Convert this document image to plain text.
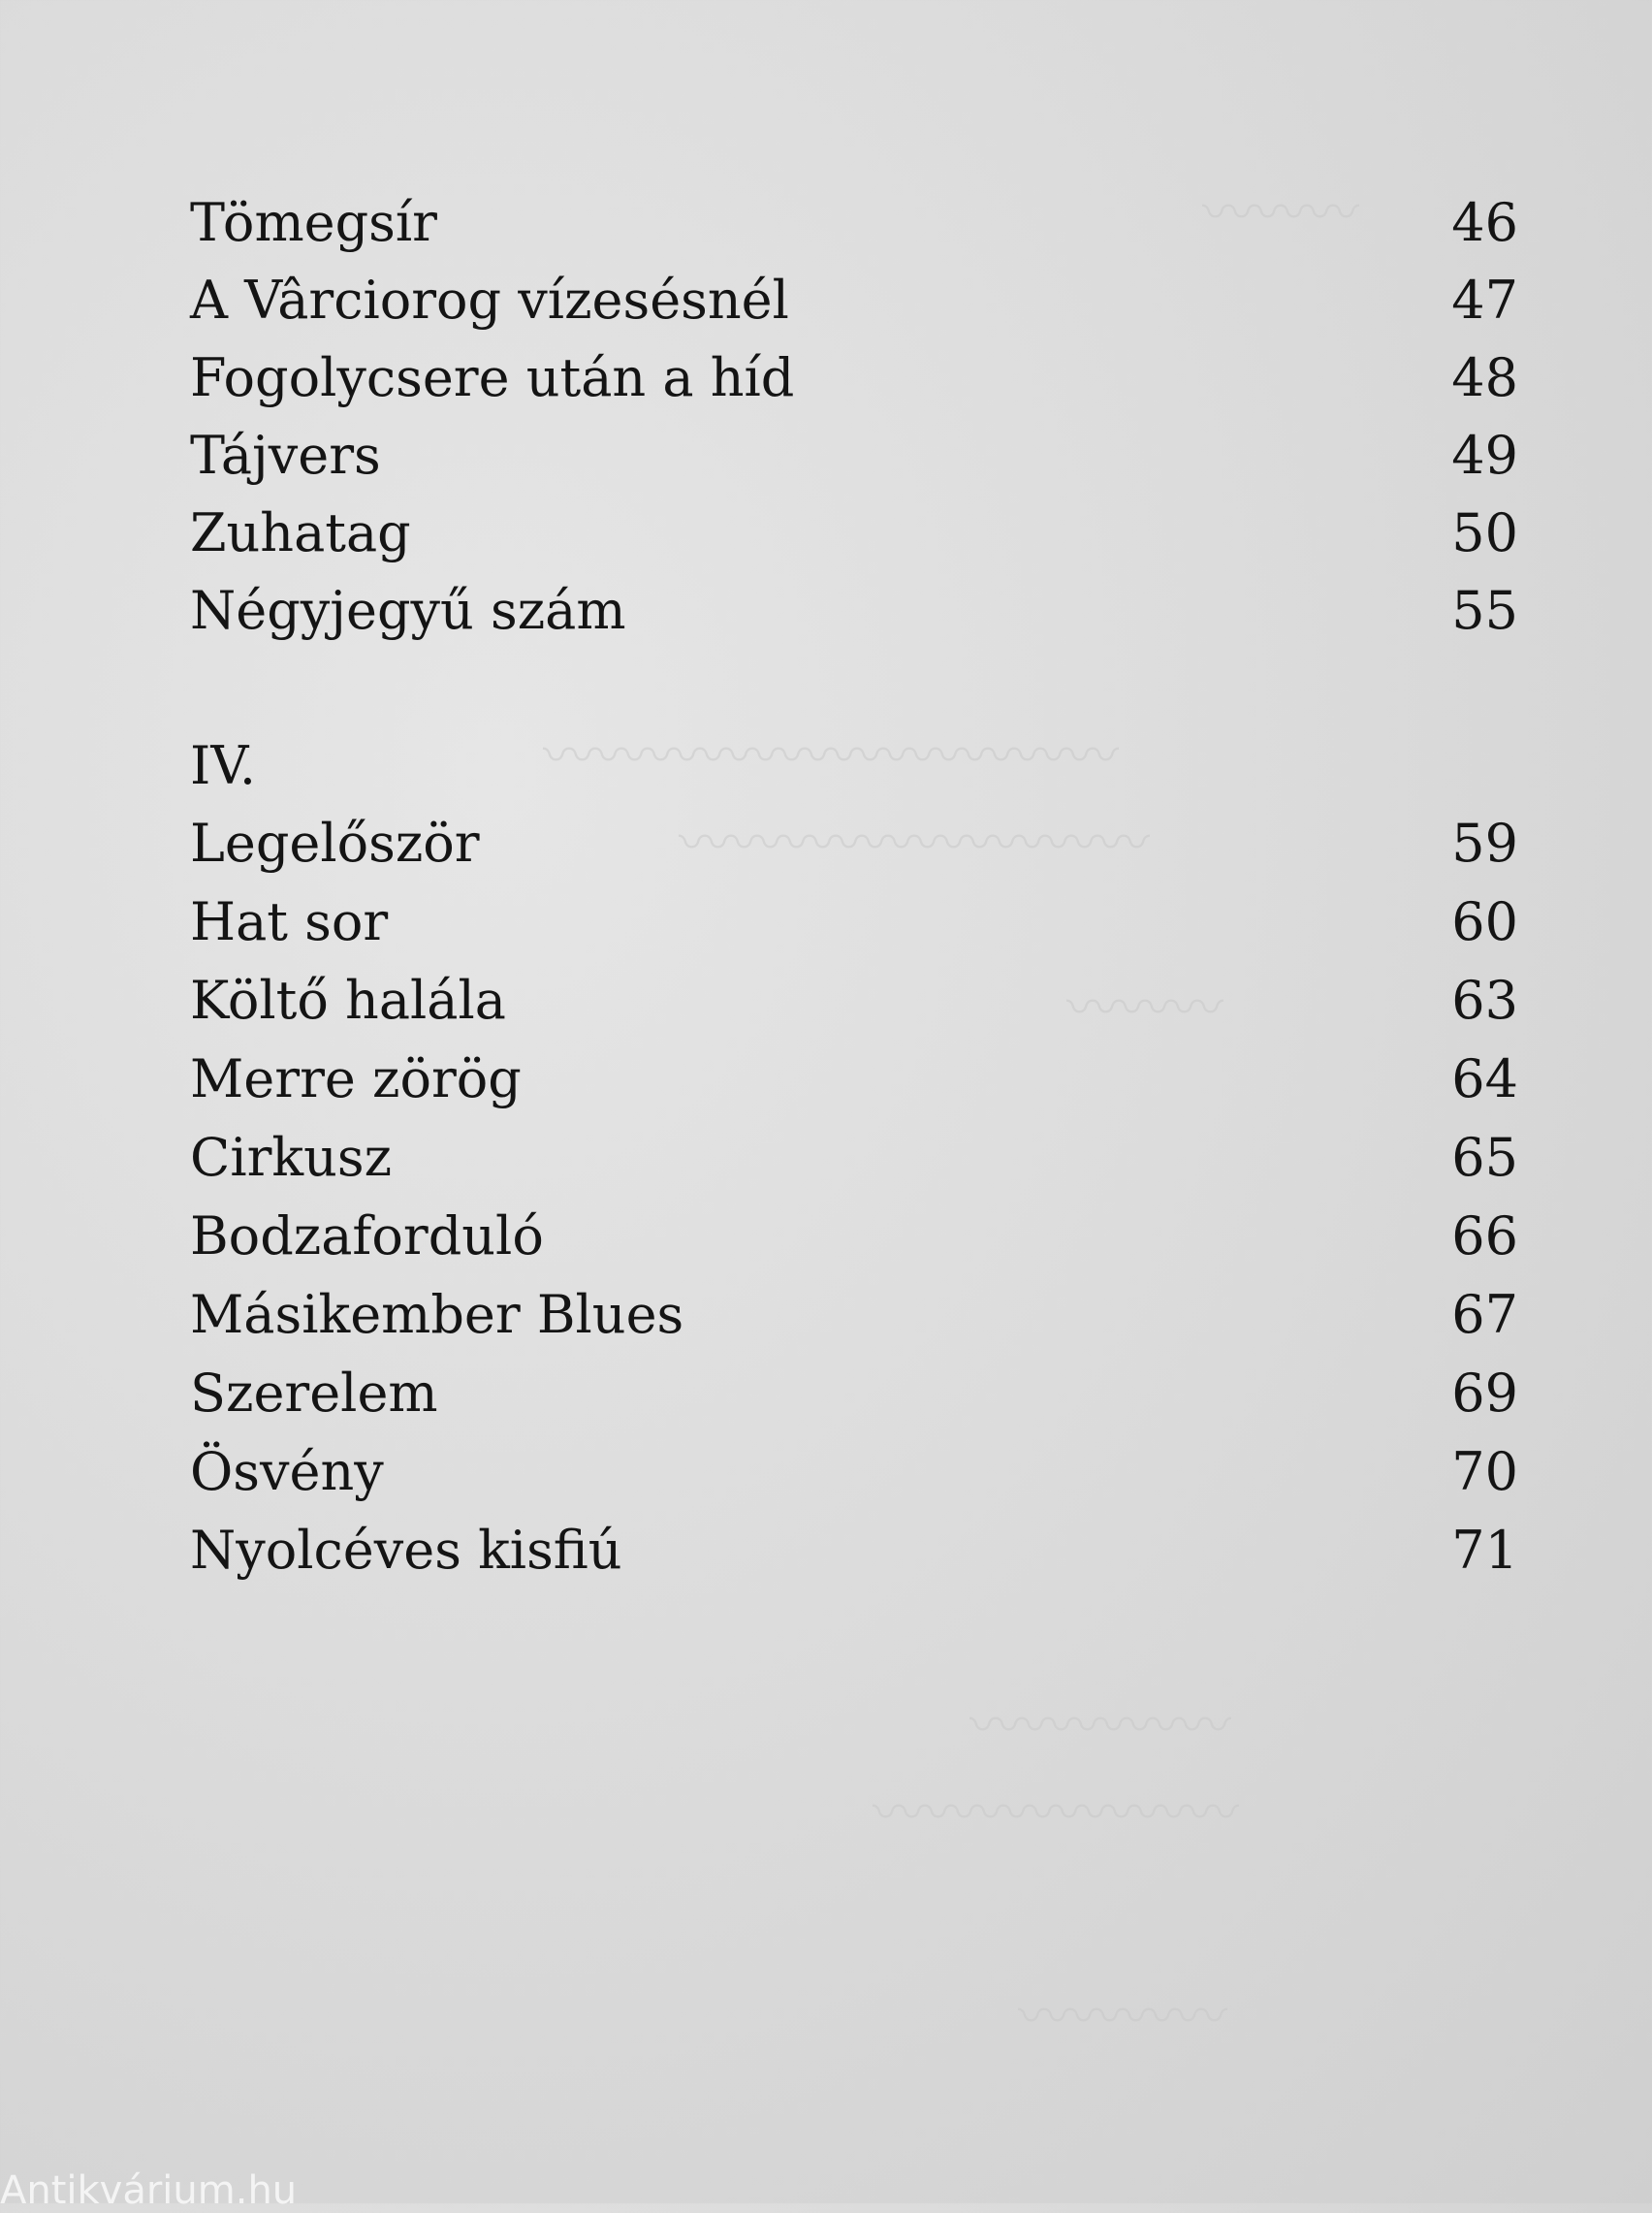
〰〰〰
〰〰〰〰〰〰〰〰〰〰〰
〰〰〰〰〰〰〰〰〰
〰〰〰
〰〰〰〰〰
〰〰〰〰〰〰〰
〰〰〰〰
Tömegsír	46
A Vârciorog vízesésnél	47
Fogolycsere után a híd	48
Tájvers	49
Zuhatag	50
Négyjegyű szám	55
IV.
Legelőször	59
Hat sor	60
Költő halála	63
Merre zörög	64
Cirkusz	65
Bodzaforduló	66
Másikember Blues	67
Szerelem	69
Ösvény	70
Nyolcéves kisfiú	71
Antikvárium.hu
